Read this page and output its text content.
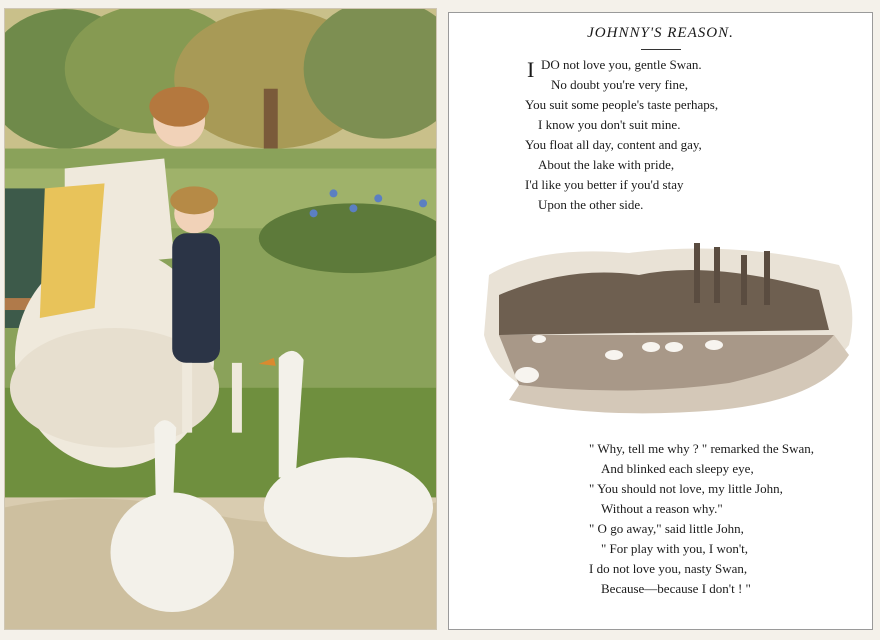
JOHNNY'S REASON.
I DO not love you, gentle Swan.
No doubt you're very fine,
You suit some people's taste perhaps,
I know you don't suit mine.
You float all day, content and gay,
About the lake with pride,
I'd like you better if you'd stay
Upon the other side.
" Why, tell me why ? " remarked the Swan,
And blinked each sleepy eye,
" You should not love, my little John,
Without a reason why."
" O go away," said little John,
" For play with you, I won't,
I do not love you, nasty Swan,
Because—because I don't ! "
